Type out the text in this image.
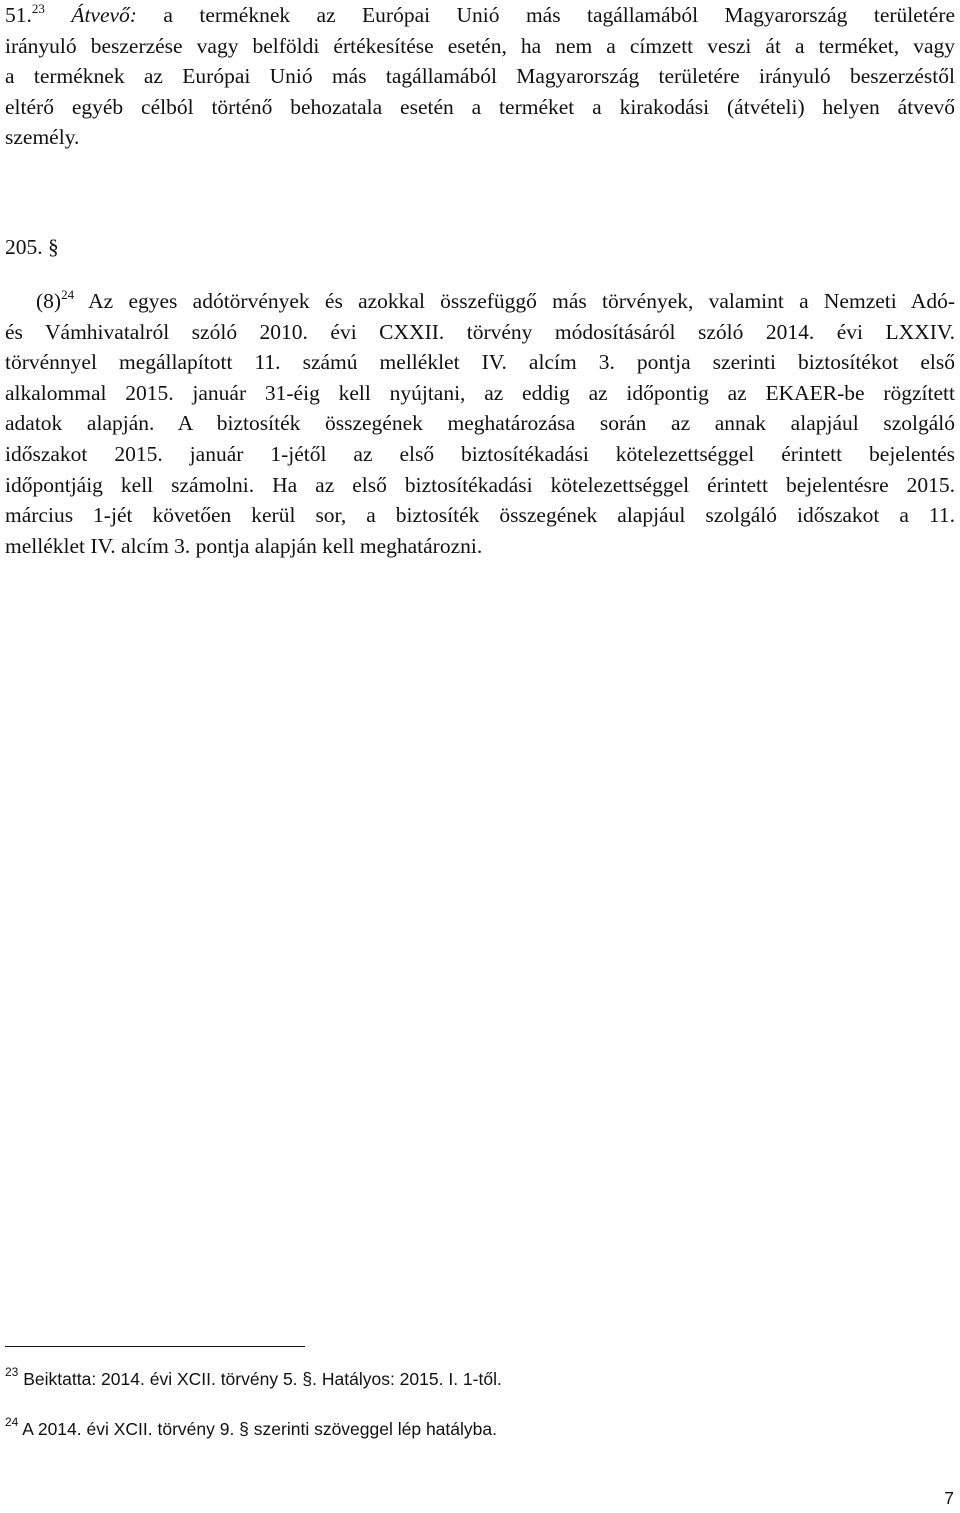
51.23 Átvevő: a terméknek az Európai Unió más tagállamából Magyarország területére
irányuló beszerzése vagy belföldi értékesítése esetén, ha nem a címzett veszi át a terméket, vagy
a terméknek az Európai Unió más tagállamából Magyarország területére irányuló beszerzéstől
eltérő egyéb célból történő behozatala esetén a terméket a kirakodási (átvételi) helyen átvevő
személy.

205. §

$(8)^{24}$ Az egyes adótörvények és azokkal összefüggő más törvények, valamint a Nemzeti Adó-
és Vámhivatalról szóló 2010. évi CXXII. törvény módosításáról szóló 2014. évi LXXIV.
törvénnyel megállapított 11. számú melléklet IV. alcím 3. pontja szerinti biztosítékot első
alkalommal 2015. január 31-éig kell nyújtani, az eddig az időpontig az EKAER-be rögzített
adatok alapján. A biztosíték összegének meghatározása során az annak alapjául szolgáló
időszakot 2015. január 1-jétől az első biztosítékadási kötelezettséggel érintett bejelentés
időpontjáig kell számolni. Ha az első biztosítékadási kötelezettséggel érintett bejelentésre 2015.
március 1-jét követően kerül sor, a biztosíték összegének alapjául szolgáló időszakot a 11.
melléklet IV. alcím 3. pontja alapján kell meghatározni.

$^{23}$ Beiktatta: 2014. évi XCII. törvény 5. §. Hatályos: 2015. I. 1-től.

$^{24}$ A 2014. évi XCII. törvény 9. § szerinti szöveggel lép hatályba.

7
